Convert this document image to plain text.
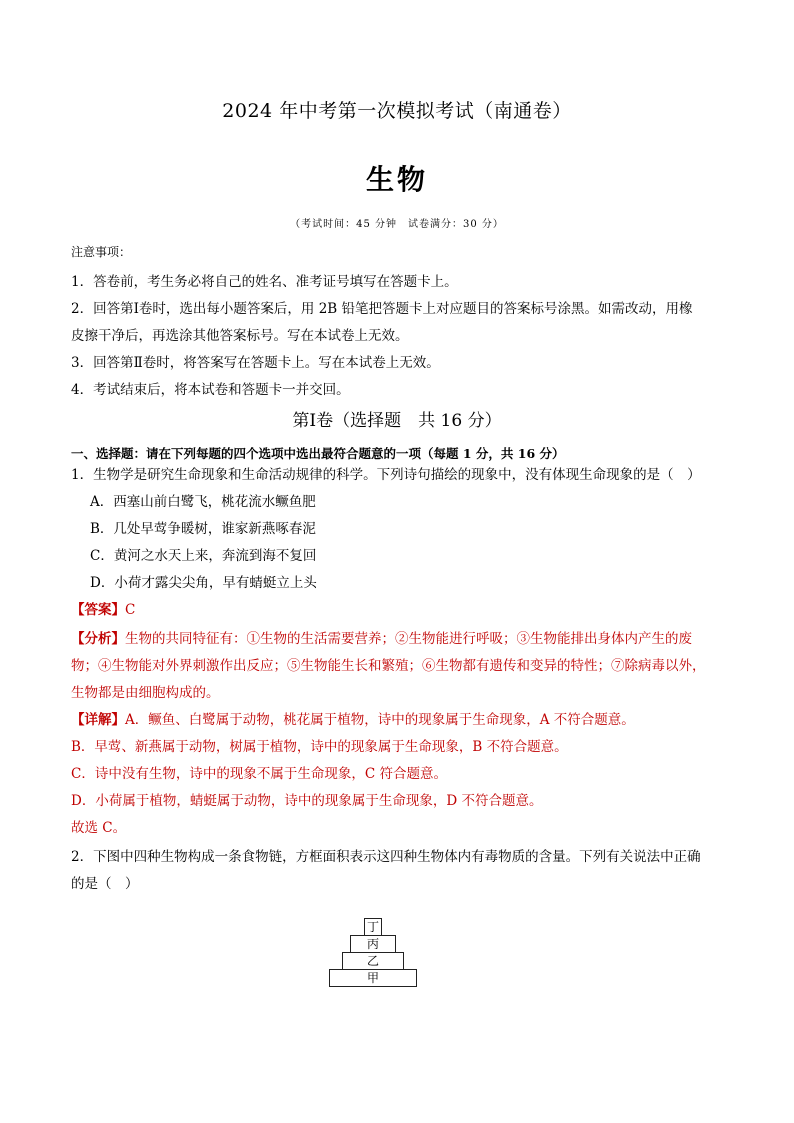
2024 年中考第一次模拟考试（南通卷）
生物
（考试时间：45 分钟　试卷满分：30 分）
注意事项：
1．答卷前，考生务必将自己的姓名、准考证号填写在答题卡上。
2．回答第Ⅰ卷时，选出每小题答案后，用 2B 铅笔把答题卡上对应题目的答案标号涂黑。如需改动，用橡
皮擦干净后，再选涂其他答案标号。写在本试卷上无效。
3．回答第Ⅱ卷时，将答案写在答题卡上。写在本试卷上无效。
4．考试结束后，将本试卷和答题卡一并交回。
第Ⅰ卷（选择题　共 16 分）
一、选择题：请在下列每题的四个选项中选出最符合题意的一项（每题 1 分，共 16 分）
1．生物学是研究生命现象和生命活动规律的科学。下列诗句描绘的现象中，没有体现生命现象的是（　）
A．西塞山前白鹭飞，桃花流水鳜鱼肥
B．几处早莺争暖树，谁家新燕啄春泥
C．黄河之水天上来，奔流到海不复回
D．小荷才露尖尖角，早有蜻蜓立上头
【答案】C
【分析】生物的共同特征有：①生物的生活需要营养；②生物能进行呼吸；③生物能排出身体内产生的废
物；④生物能对外界刺激作出反应；⑤生物能生长和繁殖；⑥生物都有遗传和变异的特性；⑦除病毒以外，
生物都是由细胞构成的。
【详解】A．鳜鱼、白鹭属于动物，桃花属于植物，诗中的现象属于生命现象，A 不符合题意。
B．早莺、新燕属于动物，树属于植物，诗中的现象属于生命现象，B 不符合题意。
C．诗中没有生物，诗中的现象不属于生命现象，C 符合题意。
D．小荷属于植物，蜻蜓属于动物，诗中的现象属于生命现象，D 不符合题意。
故选 C。
2．下图中四种生物构成一条食物链，方框面积表示这四种生物体内有毒物质的含量。下列有关说法中正确
的是（　）
丁
丙
乙
甲
